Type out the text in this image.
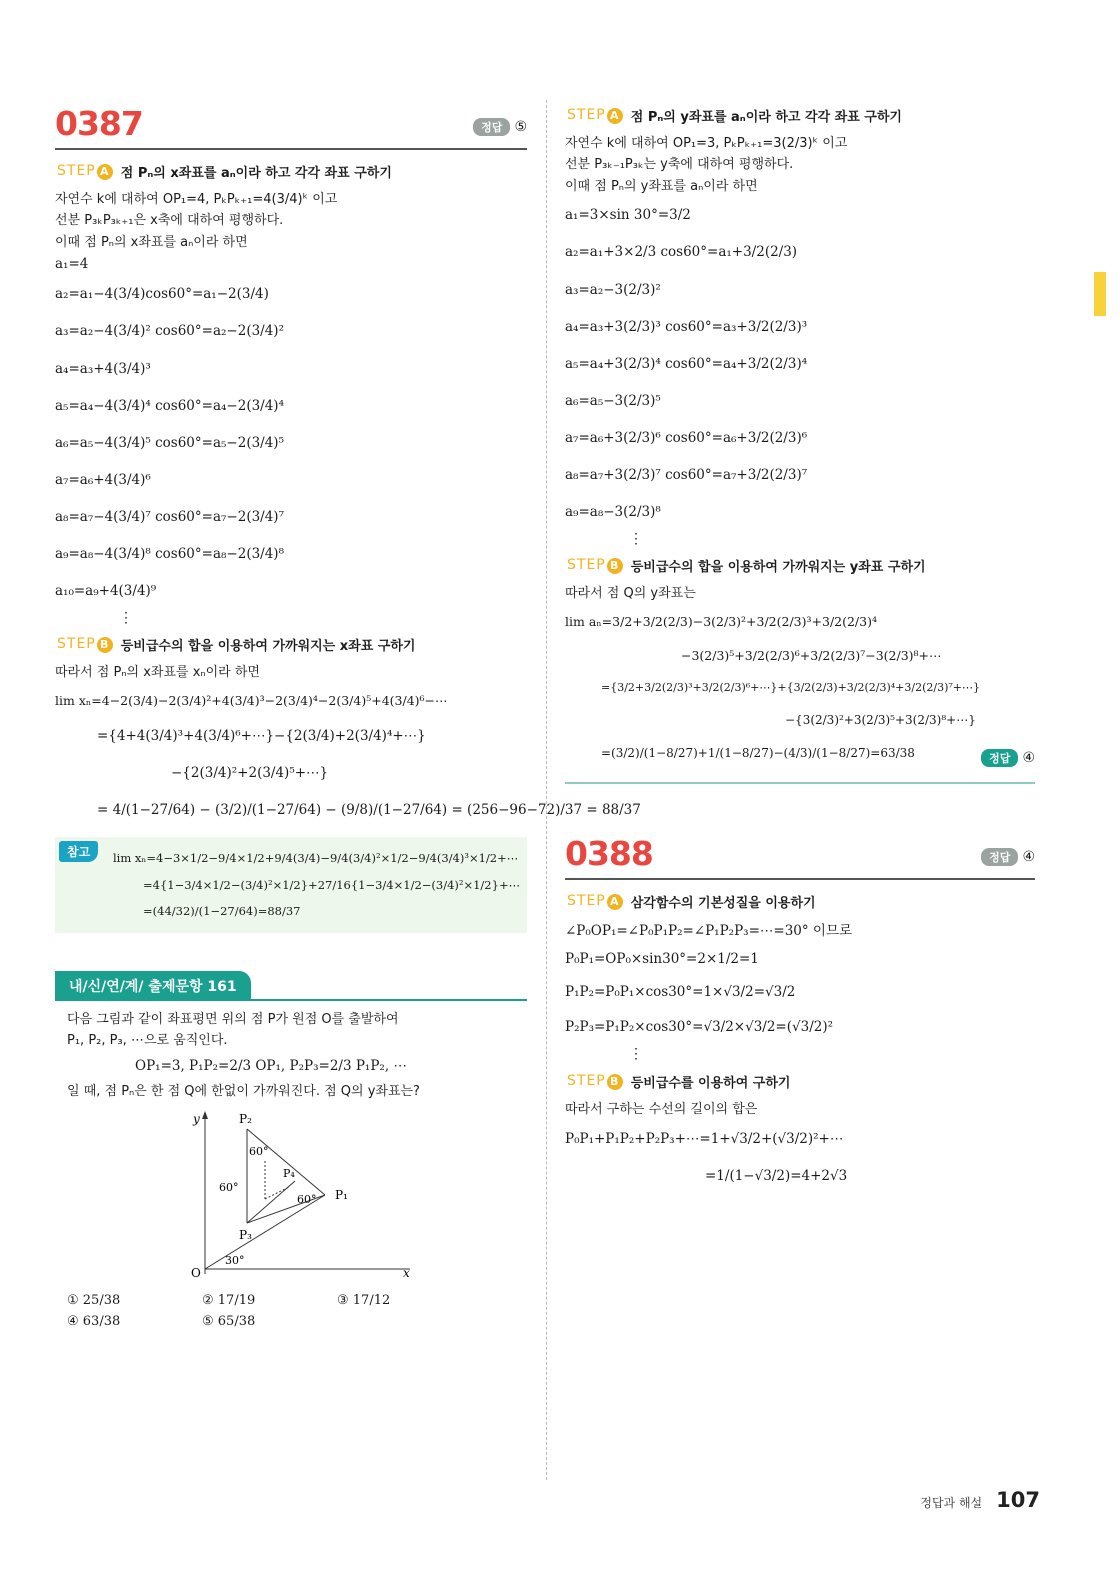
0387	정답 ⑤
STEP A 점 Pₙ의 x좌표를 aₙ이라 하고 각각 좌표 구하기
자연수 k에 대하여 OP₁=4, PₖPₖ₊₁=4(3/4)ᵏ 이고
선분 P₃ₖP₃ₖ₊₁은 x축에 대하여 평행하다.
이때 점 Pₙ의 x좌표를 aₙ이라 하면
a₁=4
a₂=a₁−4(3/4)cos60°=a₁−2(3/4)
a₃=a₂−4(3/4)² cos60°=a₂−2(3/4)²
a₄=a₃+4(3/4)³
a₅=a₄−4(3/4)⁴ cos60°=a₄−2(3/4)⁴
a₆=a₅−4(3/4)⁵ cos60°=a₅−2(3/4)⁵
a₇=a₆+4(3/4)⁶
a₈=a₇−4(3/4)⁷ cos60°=a₇−2(3/4)⁷
a₉=a₈−4(3/4)⁸ cos60°=a₈−2(3/4)⁸
a₁₀=a₉+4(3/4)⁹
⋮
STEP B 등비급수의 합을 이용하여 가까워지는 x좌표 구하기
따라서 점 Pₙ의 x좌표를 xₙ이라 하면
lim xₙ=4−2(3/4)−2(3/4)²+4(3/4)³−2(3/4)⁴−2(3/4)⁵+4(3/4)⁶−⋯
={4+4(3/4)³+4(3/4)⁶+⋯}−{2(3/4)+2(3/4)⁴+⋯}
−{2(3/4)²+2(3/4)⁵+⋯}
= 4/(1−27/64) − (3/2)/(1−27/64) − (9/8)/(1−27/64) = (256−96−72)/37 = 88/37
참고	lim xₙ=4−3×1/2−9/4×1/2+9/4(3/4)−9/4(3/4)²×1/2−9/4(3/4)³×1/2+⋯
=4{1−3/4×1/2−(3/4)²×1/2}+27/16{1−3/4×1/2−(3/4)²×1/2}+⋯
=(44/32)/(1−27/64)=88/37
내/신/연/계/ 출제문항 161
다음 그림과 같이 좌표평면 위의 점 P가 원점 O를 출발하여
P₁, P₂, P₃, ⋯으로 움직인다.
OP₁=3, P₁P₂=2/3 OP₁, P₂P₃=2/3 P₁P₂, ⋯
일 때, 점 Pₙ은 한 점 Q에 한없이 가까워진다. 점 Q의 y좌표는?
y
x
O
P₁
P₂
P₃
P₄
60°
60°
60°
30°
① 25/38	② 17/19	③ 17/12
④ 63/38	⑤ 65/38
STEP A 점 Pₙ의 y좌표를 aₙ이라 하고 각각 좌표 구하기
자연수 k에 대하여 OP₁=3, PₖPₖ₊₁=3(2/3)ᵏ 이고
선분 P₃ₖ₋₁P₃ₖ는 y축에 대하여 평행하다.
이때 점 Pₙ의 y좌표를 aₙ이라 하면
a₁=3×sin 30°=3/2
a₂=a₁+3×2/3 cos60°=a₁+3/2(2/3)
a₃=a₂−3(2/3)²
a₄=a₃+3(2/3)³ cos60°=a₃+3/2(2/3)³
a₅=a₄+3(2/3)⁴ cos60°=a₄+3/2(2/3)⁴
a₆=a₅−3(2/3)⁵
a₇=a₆+3(2/3)⁶ cos60°=a₆+3/2(2/3)⁶
a₈=a₇+3(2/3)⁷ cos60°=a₇+3/2(2/3)⁷
a₉=a₈−3(2/3)⁸
⋮
STEP B 등비급수의 합을 이용하여 가까워지는 y좌표 구하기
따라서 점 Q의 y좌표는
lim aₙ=3/2+3/2(2/3)−3(2/3)²+3/2(2/3)³+3/2(2/3)⁴
−3(2/3)⁵+3/2(2/3)⁶+3/2(2/3)⁷−3(2/3)⁸+⋯
={3/2+3/2(2/3)³+3/2(2/3)⁶+⋯}+{3/2(2/3)+3/2(2/3)⁴+3/2(2/3)⁷+⋯}
−{3(2/3)²+3(2/3)⁵+3(2/3)⁸+⋯}
=(3/2)/(1−8/27)+1/(1−8/27)−(4/3)/(1−8/27)=63/38	정답 ④
0388	정답 ④
STEP A 삼각함수의 기본성질을 이용하기
∠P₀OP₁=∠P₀P₁P₂=∠P₁P₂P₃=⋯=30° 이므로
P₀P₁=OP₀×sin30°=2×1/2=1
P₁P₂=P₀P₁×cos30°=1×√3/2=√3/2
P₂P₃=P₁P₂×cos30°=√3/2×√3/2=(√3/2)²
⋮
STEP B 등비급수를 이용하여 구하기
따라서 구하는 수선의 길이의 합은
P₀P₁+P₁P₂+P₂P₃+⋯=1+√3/2+(√3/2)²+⋯
=1/(1−√3/2)=4+2√3
정답과 해설 107
